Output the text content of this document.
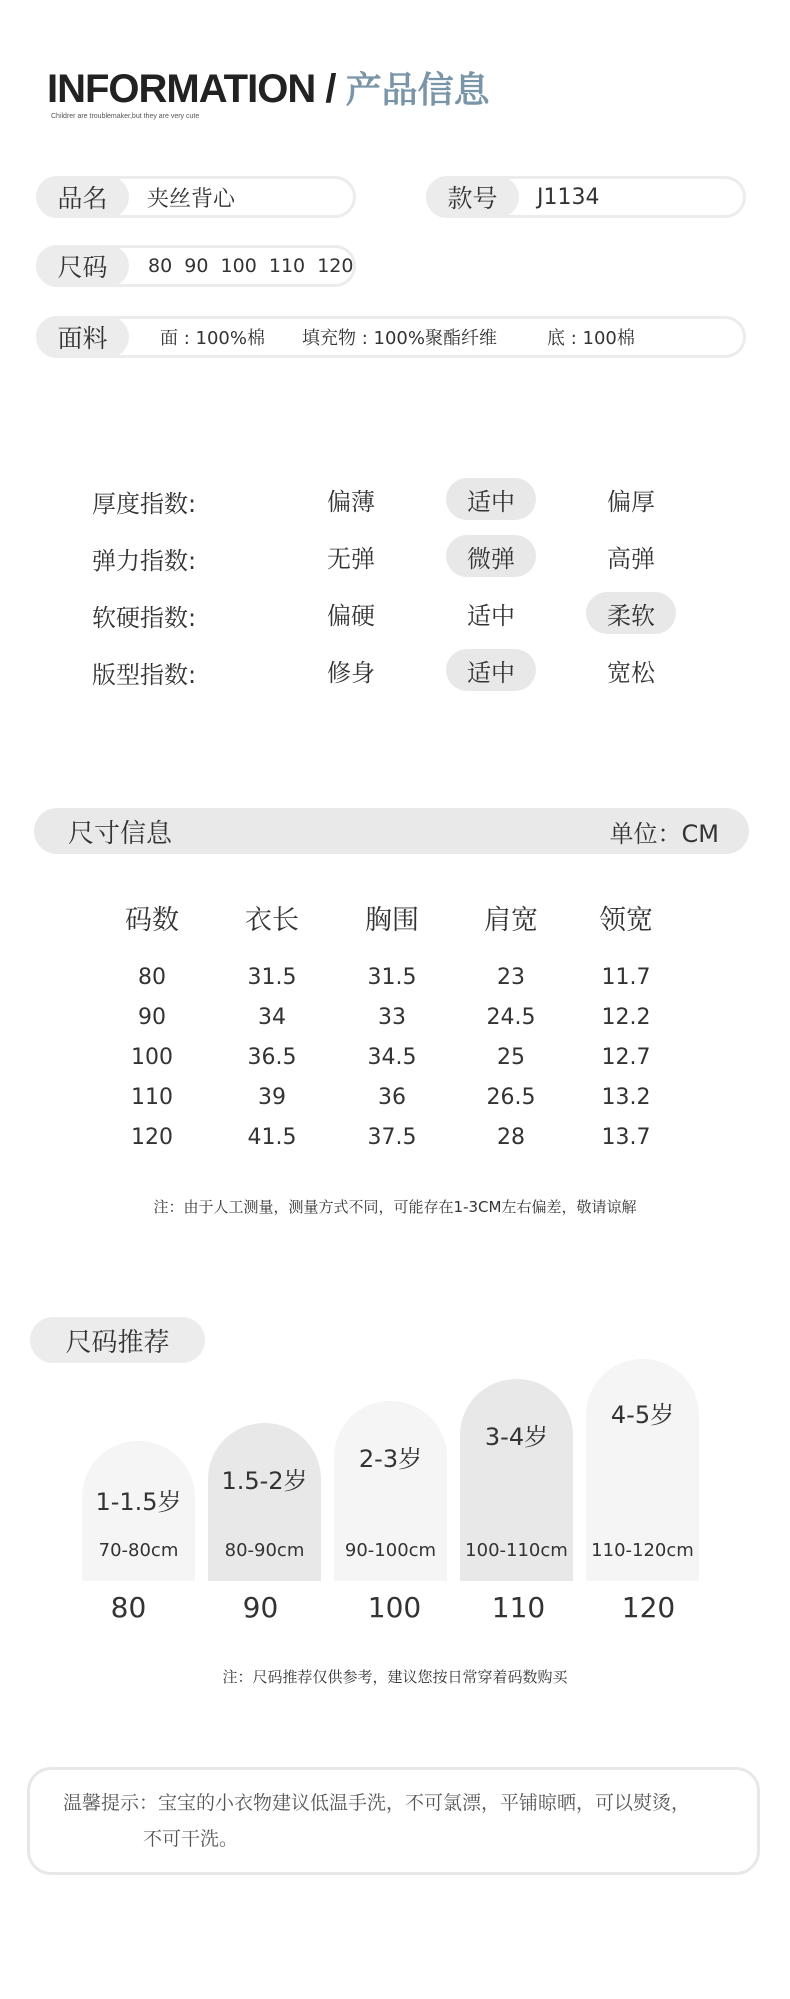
INFORMATION / 产品信息
Childrer are troublemaker,but they are very cute
品名	夹丝背心	款号	J1134
尺码	80  90  100  110  120
面料	面 : 100%棉 填充物 : 100%聚酯纤维	底 : 100棉
厚度指数:	偏薄	适中	偏厚
弹力指数:	无弹	微弹	高弹
软硬指数:	偏硬	适中	柔软
版型指数:	修身	适中	宽松
尺寸信息	单位：CM
码数	衣长	胸围	肩宽	领宽
80	31.5	31.5	23	11.7
90	34	33	24.5	12.2
100	36.5	34.5	25	12.7
110	39	36	26.5	13.2
120	41.5	37.5	28	13.7
注：由于人工测量，测量方式不同，可能存在1-3CM左右偏差，敬请谅解
尺码推荐
1-1.5岁
70-80cm
1.5-2岁
80-90cm
2-3岁
90-100cm
3-4岁
100-110cm
4-5岁
110-120cm
80	90	100	110	120
注：尺码推荐仅供参考，建议您按日常穿着码数购买
温馨提示：宝宝的小衣物建议低温手洗，不可氯漂，平铺晾晒，可以熨烫，
不可干洗。
